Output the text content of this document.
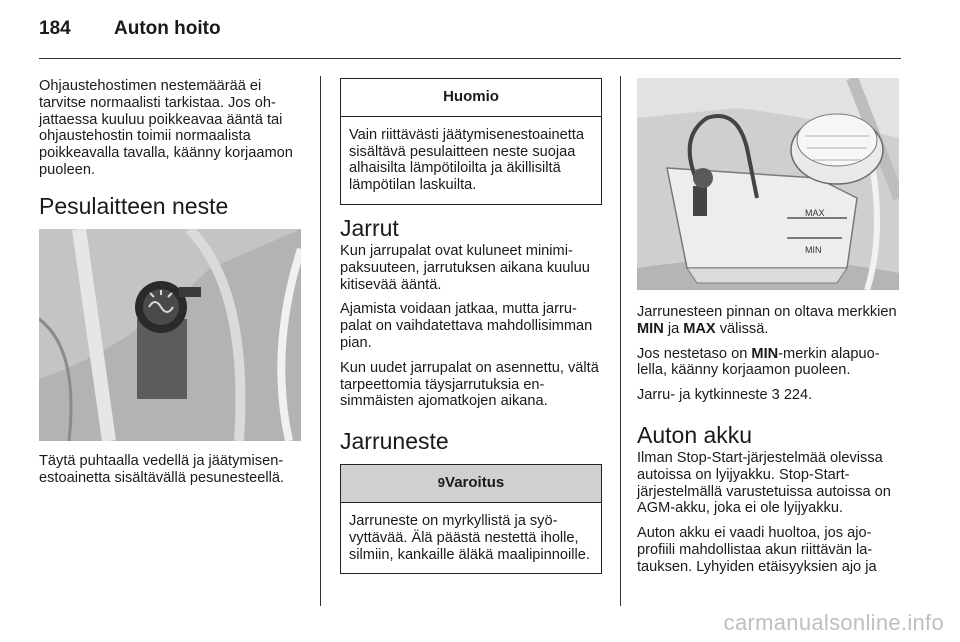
184 Auton hoito

Ohjaustehostimen nestemäärää ei tarvitse normaalisti tarkistaa. Jos ohjattaessa kuuluu poikkeavaa ääntä tai ohjaustehostin toimii normaalista poikkeavalla tavalla, käänny korjaamon puoleen.

Pesulaitteen neste

Täytä puhtaalla vedellä ja jäätymisenestoainetta sisältävällä pesunesteellä.

Huomio
Vain riittävästi jäätymisenestoainetta sisältävä pesulaitteen neste suojaa alhaisilta lämpötiloilta ja äkillisiltä lämpötilan laskuilta.
Jarrut

Kun jarrupalat ovat kuluneet minimipaksuuteen, jarrutuksen aikana kuuluu kitisevää ääntä.

Ajamista voidaan jatkaa, mutta jarrupalat on vaihdatettava mahdollisimman pian.

Kun uudet jarrupalat on asennettu, vältä tarpeettomia täysjarrutuksia ensimmäisten ajomatkojen aikana.

Jarruneste
9Varoitus
Jarruneste on myrkyllistä ja syövyttävää. Älä päästä nestettä iholle, silmiin, kankaille äläkä maalipinnoille.
MAX
MIN

Jarrunesteen pinnan on oltava merkkien MIN ja MAX välissä.

Jos nestetaso on MIN-merkin alapuolella, käänny korjaamon puoleen.

Jarru- ja kytkinneste 3 224.

Auton akku

Ilman Stop-Start-järjestelmää olevissa autoissa on lyijyakku. Stop-Start-järjestelmällä varustetuissa autoissa on AGM-akku, joka ei ole lyijyakku.

Auton akku ei vaadi huoltoa, jos ajoprofiili mahdollistaa akun riittävän latauksen. Lyhyiden etäisyyksien ajo ja

carmanualsonline.info
